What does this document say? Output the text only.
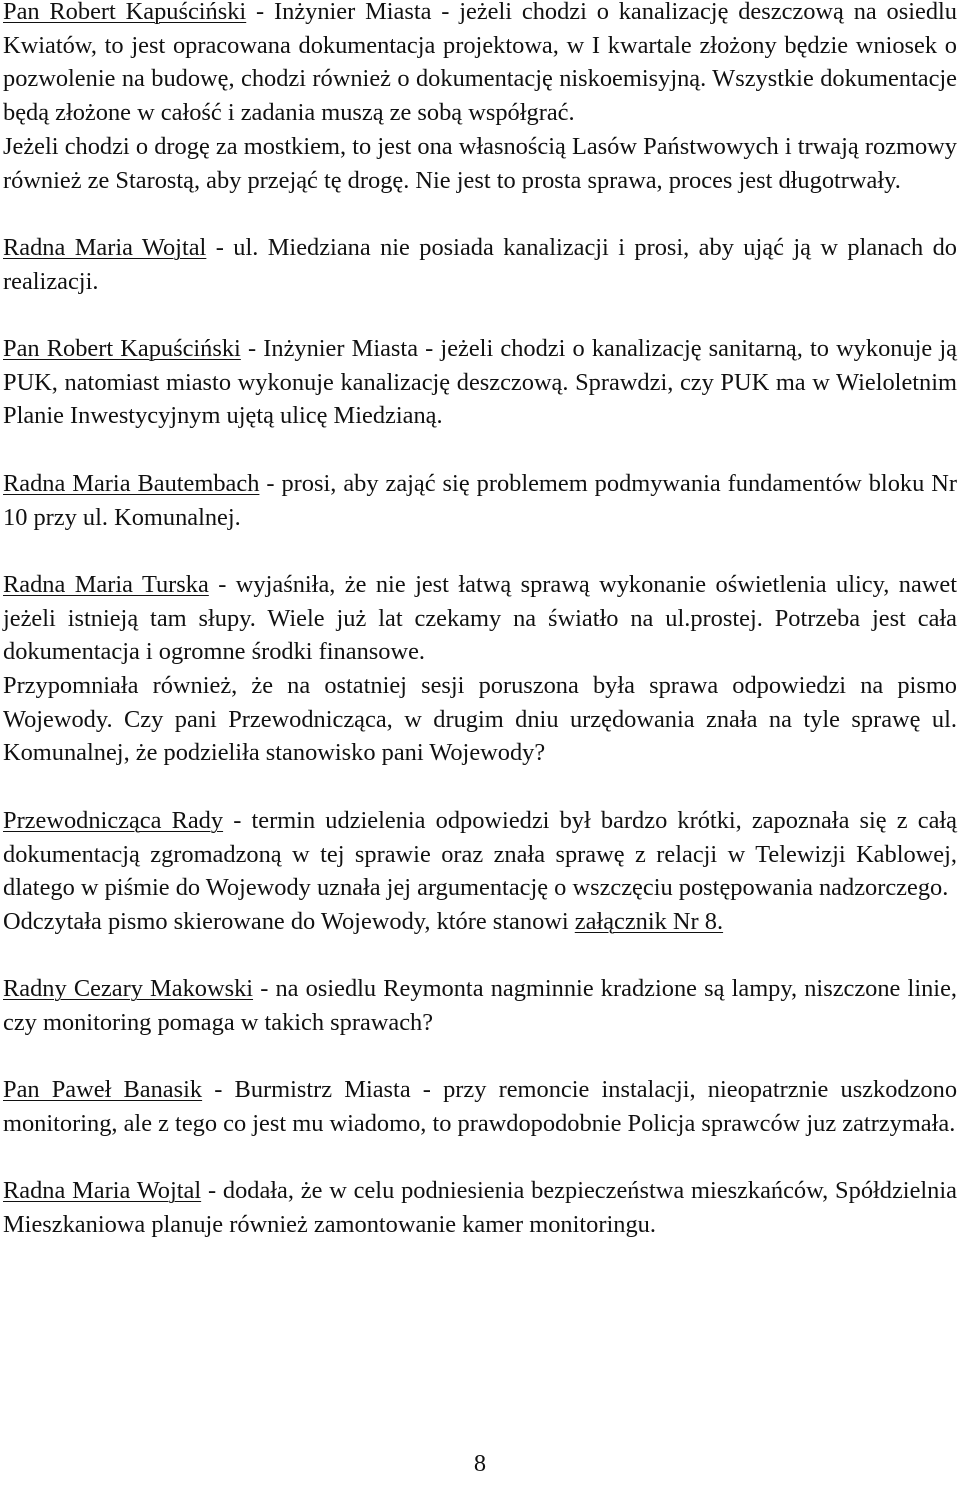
Pan Robert Kapuściński - Inżynier Miasta - jeżeli chodzi o kanalizację deszczową na osiedlu Kwiatów, to jest opracowana dokumentacja projektowa, w I kwartale złożony będzie wniosek o pozwolenie na budowę, chodzi również o dokumentację niskoemisyjną. Wszystkie dokumentacje będą złożone w całość i zadania muszą ze sobą współgrać.

Jeżeli chodzi o drogę za mostkiem, to jest ona własnością Lasów Państwowych i trwają rozmowy również ze Starostą, aby przejąć tę drogę. Nie jest to prosta sprawa, proces jest długotrwały.

Radna Maria Wojtal - ul. Miedziana nie posiada kanalizacji i prosi, aby ująć ją w planach do realizacji.

Pan Robert Kapuściński - Inżynier Miasta - jeżeli chodzi o kanalizację sanitarną, to wykonuje ją PUK, natomiast miasto wykonuje kanalizację deszczową. Sprawdzi, czy PUK ma w Wieloletnim Planie Inwestycyjnym ujętą ulicę Miedzianą.

Radna Maria Bautembach - prosi, aby zająć się problemem podmywania fundamentów bloku Nr 10 przy ul. Komunalnej.

Radna Maria Turska - wyjaśniła, że nie jest łatwą sprawą wykonanie oświetlenia ulicy, nawet jeżeli istnieją tam słupy. Wiele już lat czekamy na światło na ul.prostej. Potrzeba jest cała dokumentacja i ogromne środki finansowe.

Przypomniała również, że na ostatniej sesji poruszona była sprawa odpowiedzi na pismo Wojewody. Czy pani Przewodnicząca, w drugim dniu urzędowania znała na tyle sprawę ul. Komunalnej, że podzieliła stanowisko pani Wojewody?

Przewodnicząca Rady - termin udzielenia odpowiedzi był bardzo krótki, zapoznała się z całą dokumentacją zgromadzoną w tej sprawie oraz znała sprawę z relacji w Telewizji Kablowej, dlatego w piśmie do Wojewody uznała jej argumentację o wszczęciu postępowania nadzorczego.

Odczytała pismo skierowane do Wojewody, które stanowi załącznik Nr 8.

Radny Cezary Makowski - na osiedlu Reymonta nagminnie kradzione są lampy, niszczone linie, czy monitoring pomaga w takich sprawach?

Pan Paweł Banasik - Burmistrz Miasta - przy remoncie instalacji, nieopatrznie uszkodzono monitoring, ale z tego co jest mu wiadomo, to prawdopodobnie Policja sprawców juz zatrzymała.

Radna Maria Wojtal - dodała, że w celu podniesienia bezpieczeństwa mieszkańców, Spółdzielnia Mieszkaniowa planuje również zamontowanie kamer monitoringu.

8
